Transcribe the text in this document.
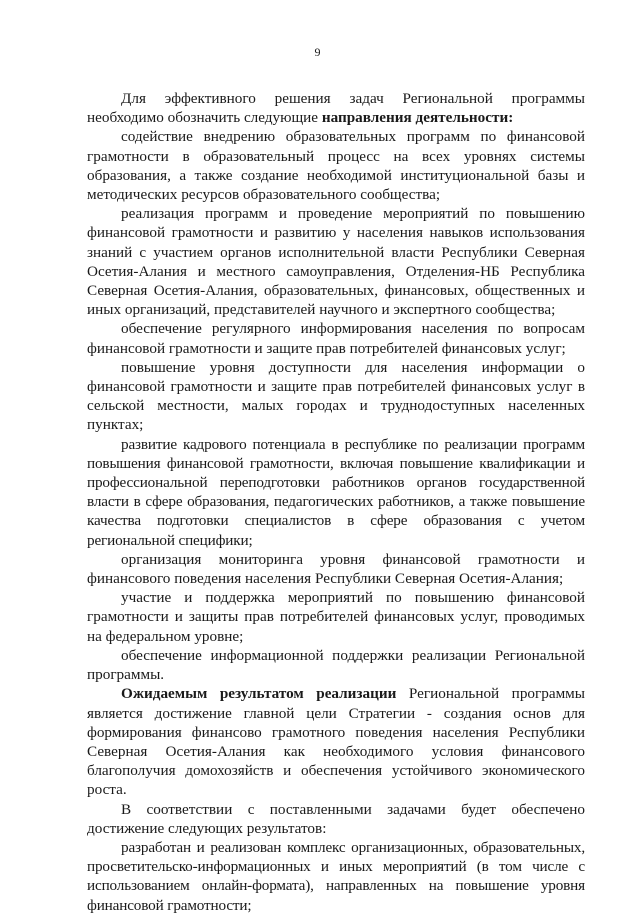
9

Для эффективного решения задач Региональной программы необходимо обозначить следующие направления деятельности:

содействие внедрению образовательных программ по финансовой грамотности в образовательный процесс на всех уровнях системы образования, а также создание необходимой институциональной базы и методических ресурсов образовательного сообщества;

реализация программ и проведение мероприятий по повышению финансовой грамотности и развитию у населения навыков использования знаний с участием органов исполнительной власти Республики Северная Осетия-Алания и местного самоуправления, Отделения-НБ Республика Северная Осетия-Алания, образовательных, финансовых, общественных и иных организаций, представителей научного и экспертного сообщества;

обеспечение регулярного информирования населения по вопросам финансовой грамотности и защите прав потребителей финансовых услуг;

повышение уровня доступности для населения информации о финансовой грамотности и защите прав потребителей финансовых услуг в сельской местности, малых городах и труднодоступных населенных пунктах;

развитие кадрового потенциала в республике по реализации программ повышения финансовой грамотности, включая повышение квалификации и профессиональной переподготовки работников органов государственной власти в сфере образования, педагогических работников, а также повышение качества подготовки специалистов в сфере образования с учетом региональной специфики;

организация мониторинга уровня финансовой грамотности и финансового поведения населения Республики Северная Осетия-Алания;

участие и поддержка мероприятий по повышению финансовой грамотности и защиты прав потребителей финансовых услуг, проводимых на федеральном уровне;

обеспечение информационной поддержки реализации Региональной программы.

Ожидаемым результатом реализации Региональной программы является достижение главной цели Стратегии - создания основ для формирования финансово грамотного поведения населения Республики Северная Осетия-Алания как необходимого условия финансового благополучия домохозяйств и обеспечения устойчивого экономического роста.

В соответствии с поставленными задачами будет обеспечено достижение следующих результатов:

разработан и реализован комплекс организационных, образовательных, просветительско-информационных и иных мероприятий (в том числе с использованием онлайн-формата), направленных на повышение уровня финансовой грамотности;
